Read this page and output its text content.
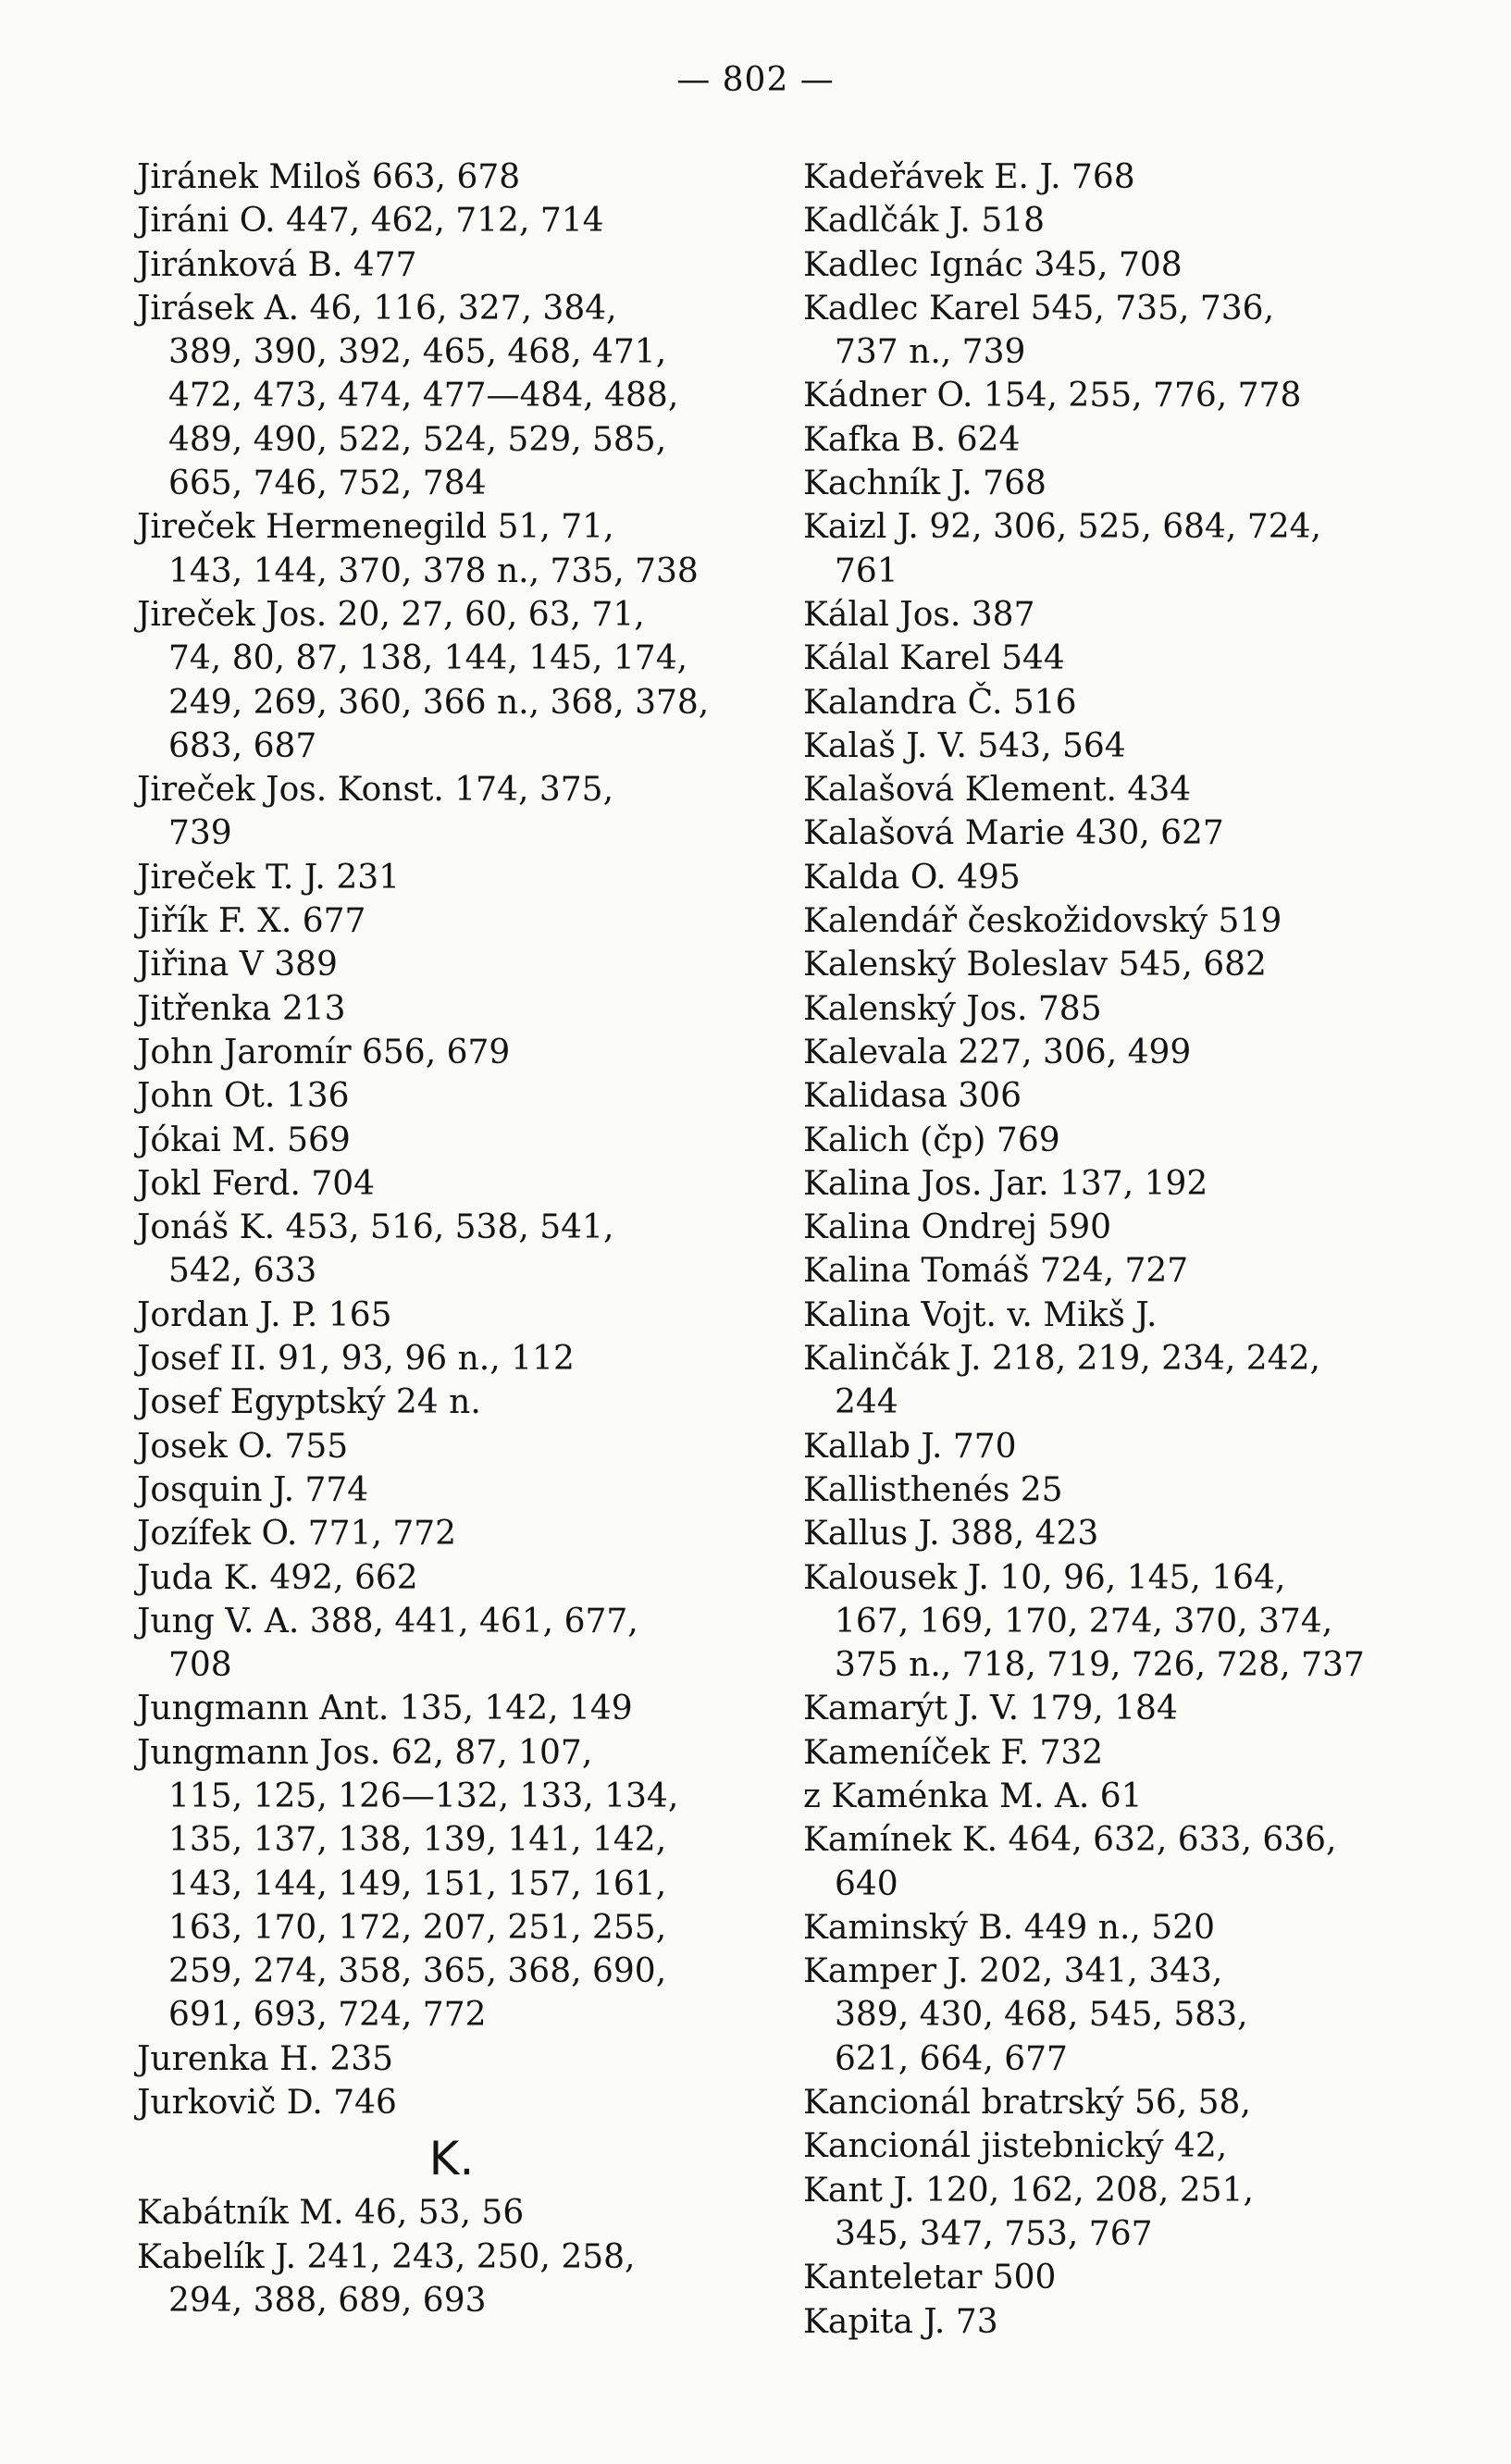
— 802 —
Jiránek Miloš 663, 678
Jiráni O. 447, 462, 712, 714
Jiránková B. 477
Jirásek A. 46, 116, 327, 384,
389, 390, 392, 465, 468, 471,
472, 473, 474, 477—484, 488,
489, 490, 522, 524, 529, 585,
665, 746, 752, 784
Jireček Hermenegild 51, 71,
143, 144, 370, 378 n., 735, 738
Jireček Jos. 20, 27, 60, 63, 71,
74, 80, 87, 138, 144, 145, 174,
249, 269, 360, 366 n., 368, 378,
683, 687
Jireček Jos. Konst. 174, 375,
739
Jireček T. J. 231
Jiřík F. X. 677
Jiřina V 389
Jitřenka 213
John Jaromír 656, 679
John Ot. 136
Jókai M. 569
Jokl Ferd. 704
Jonáš K. 453, 516, 538, 541,
542, 633
Jordan J. P. 165
Josef II. 91, 93, 96 n., 112
Josef Egyptský 24 n.
Josek O. 755
Josquin J. 774
Jozífek O. 771, 772
Juda K. 492, 662
Jung V. A. 388, 441, 461, 677,
708
Jungmann Ant. 135, 142, 149
Jungmann Jos. 62, 87, 107,
115, 125, 126—132, 133, 134,
135, 137, 138, 139, 141, 142,
143, 144, 149, 151, 157, 161,
163, 170, 172, 207, 251, 255,
259, 274, 358, 365, 368, 690,
691, 693, 724, 772
Jurenka H. 235
Jurkovič D. 746
K.
Kabátník M. 46, 53, 56
Kabelík J. 241, 243, 250, 258,
294, 388, 689, 693
Kadeřávek E. J. 768
Kadlčák J. 518
Kadlec Ignác 345, 708
Kadlec Karel 545, 735, 736,
737 n., 739
Kádner O. 154, 255, 776, 778
Kafka B. 624
Kachník J. 768
Kaizl J. 92, 306, 525, 684, 724,
761
Kálal Jos. 387
Kálal Karel 544
Kalandra Č. 516
Kalaš J. V. 543, 564
Kalašová Klement. 434
Kalašová Marie 430, 627
Kalda O. 495
Kalendář českožidovský 519
Kalenský Boleslav 545, 682
Kalenský Jos. 785
Kalevala 227, 306, 499
Kalidasa 306
Kalich (čp) 769
Kalina Jos. Jar. 137, 192
Kalina Ondrej 590
Kalina Tomáš 724, 727
Kalina Vojt. v. Mikš J.
Kalinčák J. 218, 219, 234, 242,
244
Kallab J. 770
Kallisthenés 25
Kallus J. 388, 423
Kalousek J. 10, 96, 145, 164,
167, 169, 170, 274, 370, 374,
375 n., 718, 719, 726, 728, 737
Kamarýt J. V. 179, 184
Kameníček F. 732
z Kaménka M. A. 61
Kamínek K. 464, 632, 633, 636,
640
Kaminský B. 449 n., 520
Kamper J. 202, 341, 343,
389, 430, 468, 545, 583,
621, 664, 677
Kancionál bratrský 56, 58,
Kancionál jistebnický 42,
Kant J. 120, 162, 208, 251,
345, 347, 753, 767
Kanteletar 500
Kapita J. 73
